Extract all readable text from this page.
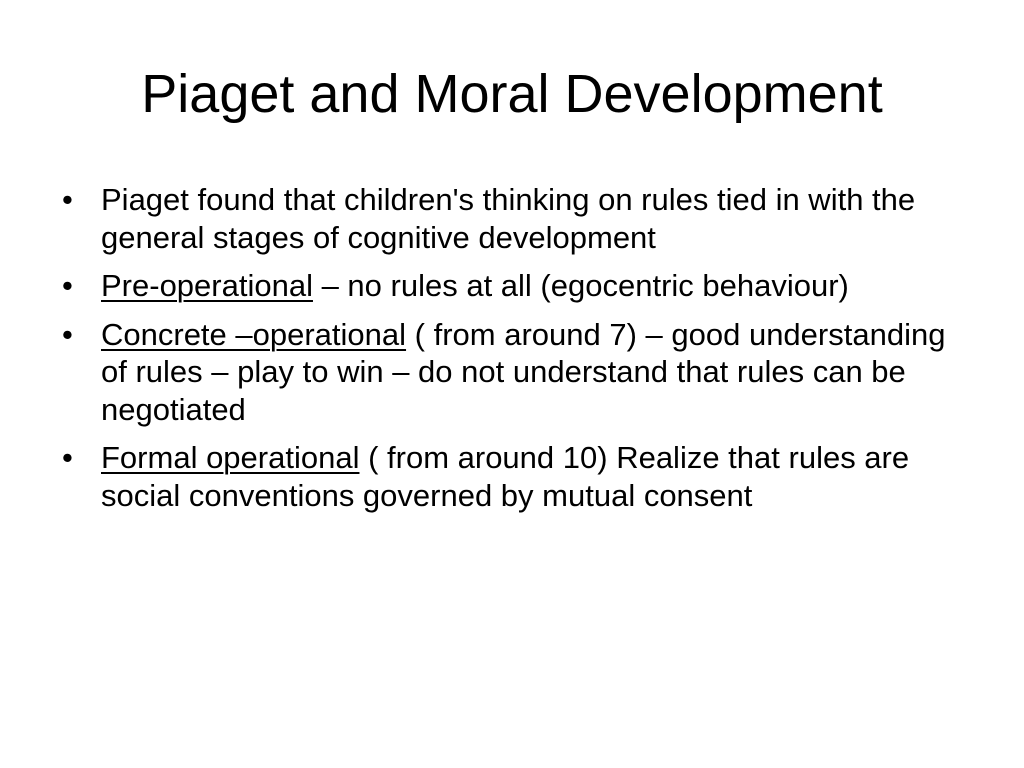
Piaget and Moral Development
• Piaget found that children's thinking on rules tied in with the general stages of cognitive development
• Pre-operational – no rules at all (egocentric behaviour)
• Concrete –operational ( from around 7) – good understanding of rules – play to win – do not understand that rules can be negotiated
• Formal operational ( from around 10) Realize that rules are social conventions governed by mutual consent
